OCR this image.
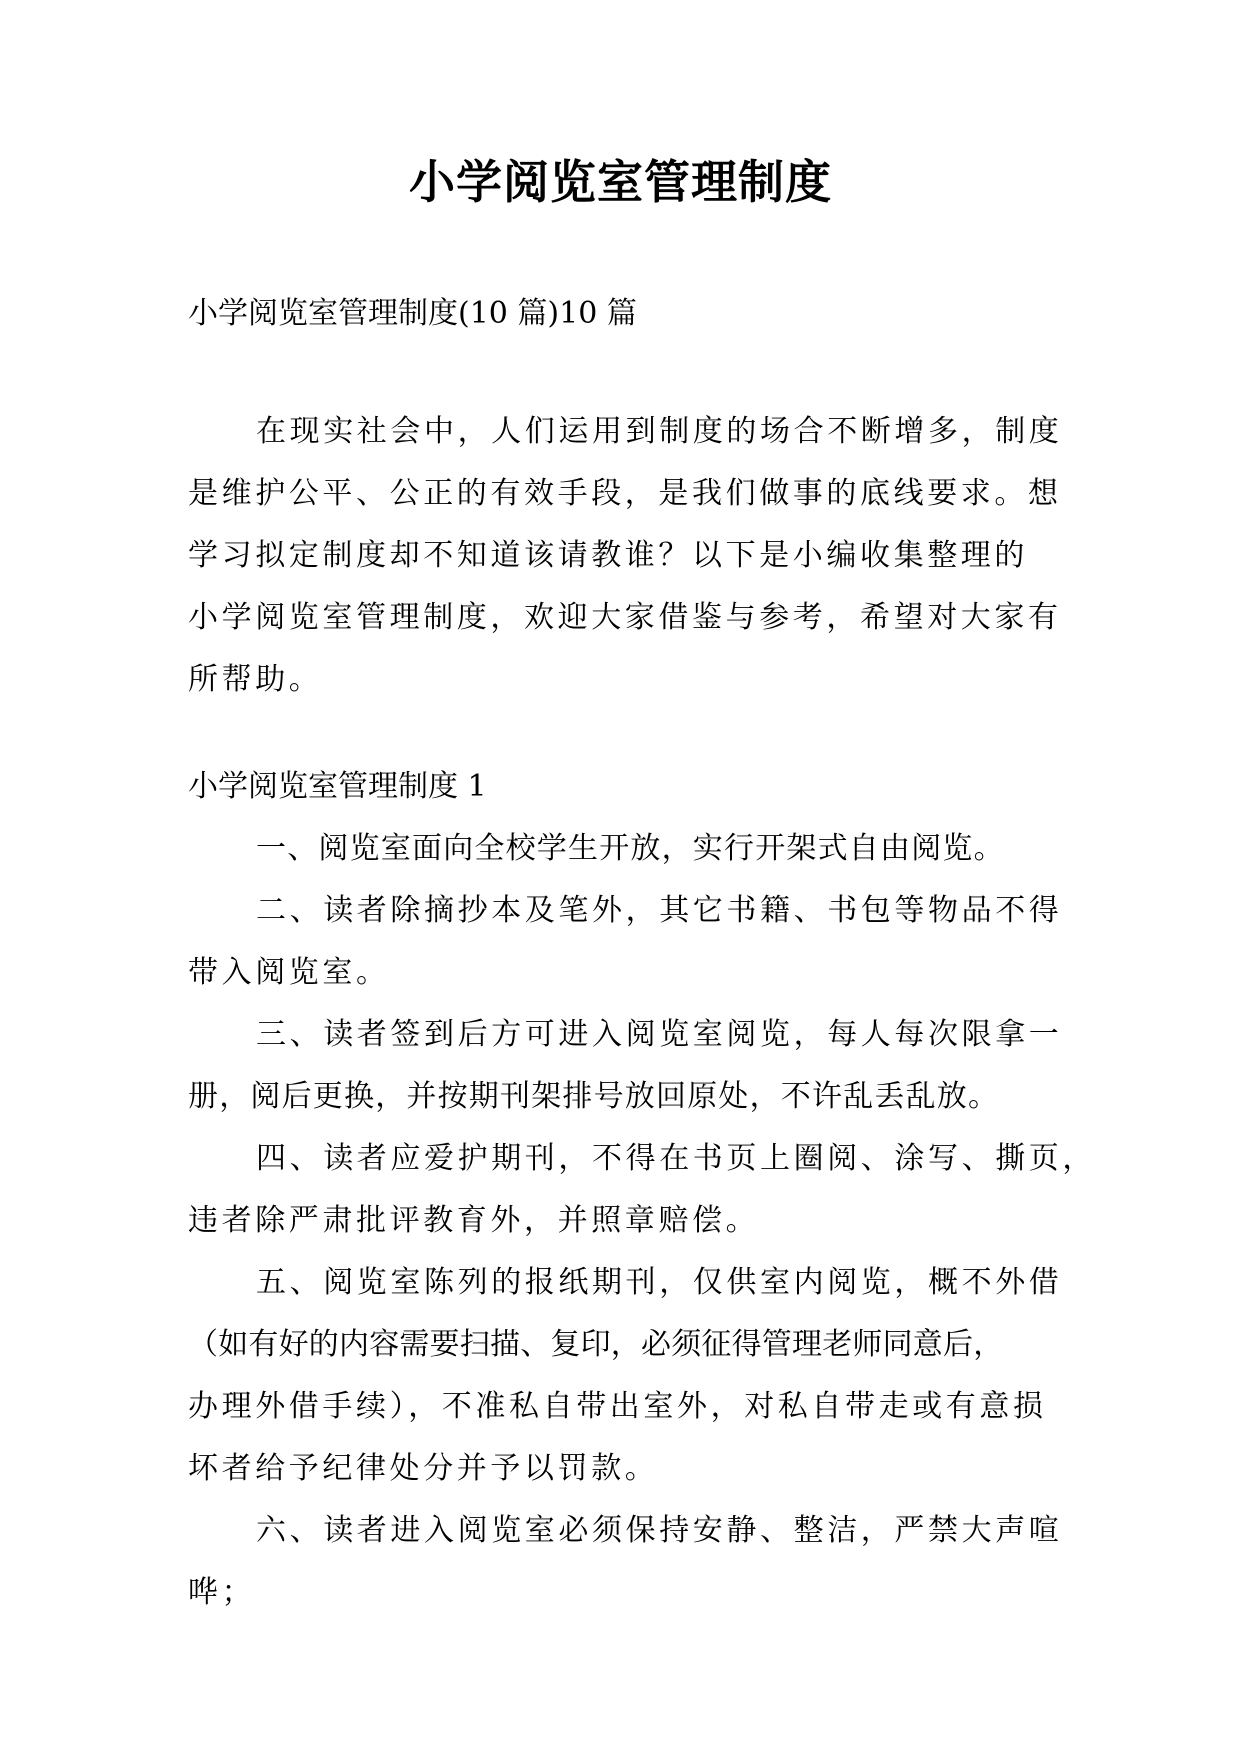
小学阅览室管理制度

小学阅览室管理制度(10 篇)10 篇

在现实社会中，人们运用到制度的场合不断增多，制度

是维护公平、公正的有效手段，是我们做事的底线要求。想

学习拟定制度却不知道该请教谁？以下是小编收集整理的

小学阅览室管理制度，欢迎大家借鉴与参考，希望对大家有

所帮助。

小学阅览室管理制度 1

一、阅览室面向全校学生开放，实行开架式自由阅览。

二、读者除摘抄本及笔外，其它书籍、书包等物品不得

带入阅览室。

三、读者签到后方可进入阅览室阅览，每人每次限拿一

册，阅后更换，并按期刊架排号放回原处，不许乱丢乱放。

四、读者应爱护期刊，不得在书页上圈阅、涂写、撕页，

违者除严肃批评教育外，并照章赔偿。

五、阅览室陈列的报纸期刊，仅供室内阅览，概不外借

（如有好的内容需要扫描、复印，必须征得管理老师同意后，

办理外借手续），不准私自带出室外，对私自带走或有意损

坏者给予纪律处分并予以罚款。

六、读者进入阅览室必须保持安静、整洁，严禁大声喧

哗；
